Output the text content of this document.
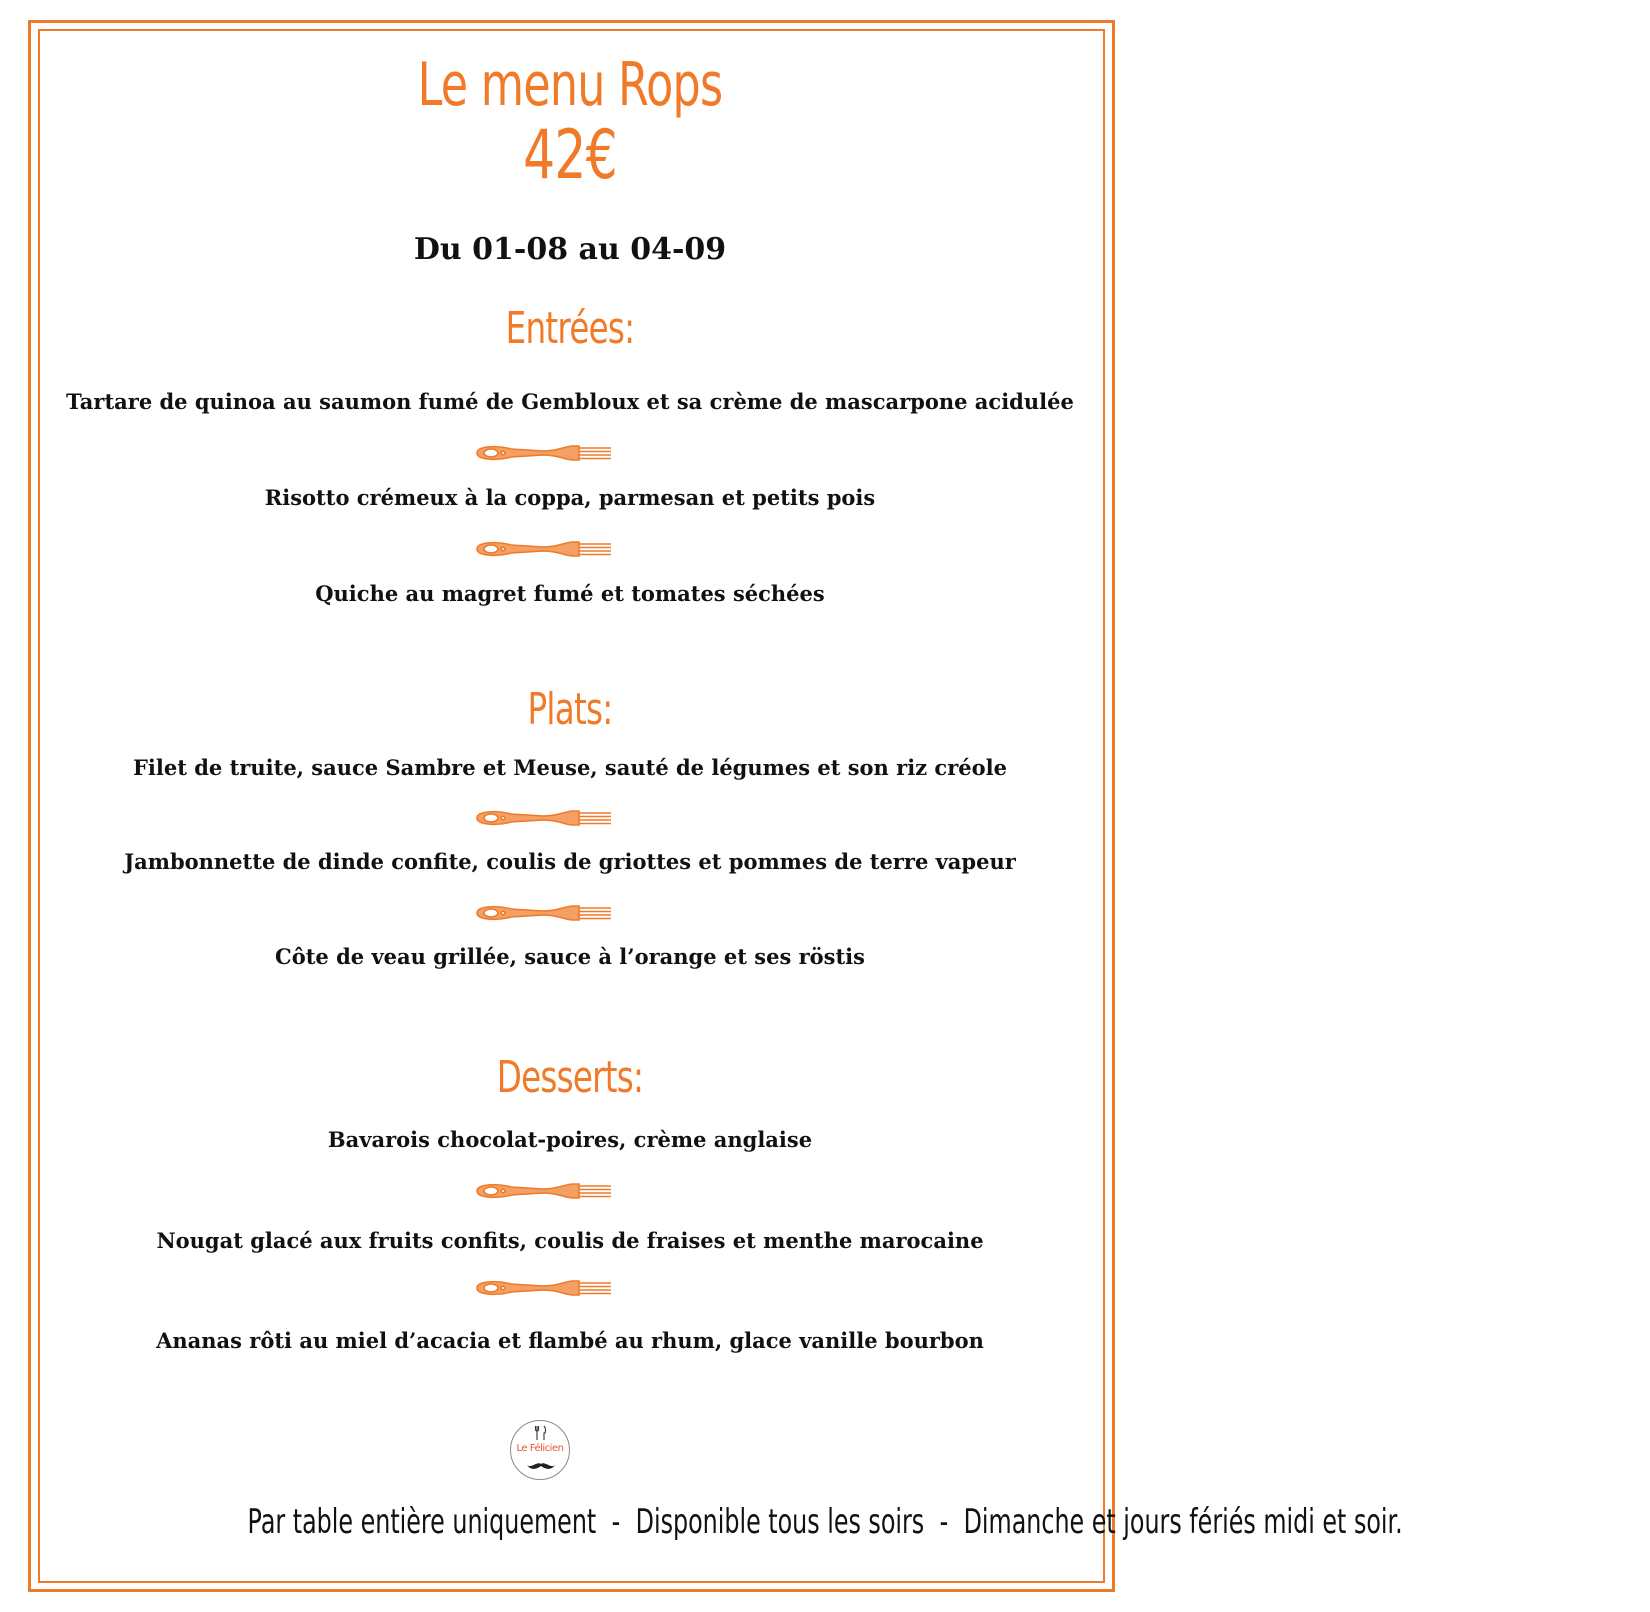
Le menu Rops
42€
Du 01-08 au 04-09
Entrées:
Tartare de quinoa au saumon fumé de Gembloux et sa crème de mascarpone acidulée
Risotto crémeux à la coppa, parmesan et petits pois
Quiche au magret fumé et tomates séchées
Plats:
Filet de truite, sauce Sambre et Meuse, sauté de légumes et son riz créole
Jambonnette de dinde confite, coulis de griottes et pommes de terre vapeur
Côte de veau grillée, sauce à l’orange et ses röstis
Desserts:
Bavarois chocolat-poires, crème anglaise
Nougat glacé aux fruits confits, coulis de fraises et menthe marocaine
Ananas rôti au miel d’acacia et flambé au rhum, glace vanille bourbon
Le Félicien
Par table entière uniquement - Disponible tous les soirs - Dimanche et jours fériés midi et soir.
